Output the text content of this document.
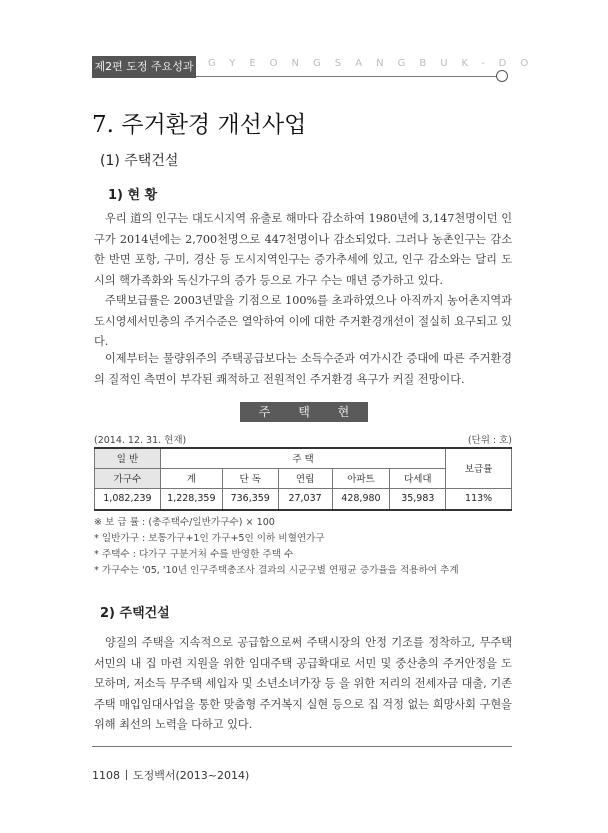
제2편 도정 주요성과 GYEONGSANGBUK-DO
7. 주거환경 개선사업
(1) 주택건설
1) 현 황

우리 道의 인구는 대도시지역 유출로 해마다 감소하여 1980년에 3,147천명이던 인구가 2014년에는 2,700천명으로 447천명이나 감소되었다. 그러나 농촌인구는 감소한 반면 포항, 구미, 경산 등 도시지역인구는 증가추세에 있고, 인구 감소와는 달리 도시의 핵가족화와 독신가구의 증가 등으로 가구 수는 매년 증가하고 있다.

주택보급률은 2003년말을 기점으로 100%를 초과하였으나 아직까지 농어촌지역과 도시영세서민층의 주거수준은 열악하여 이에 대한 주거환경개선이 절실히 요구되고 있다.

이제부터는 물량위주의 주택공급보다는 소득수준과 여가시간 증대에 따른 주거환경의 질적인 측면이 부각된 쾌적하고 전원적인 주거환경 욕구가 커질 전망이다.

주 택 현 황
(2014. 12. 31. 현재)	(단위 : 호)
일 반	주 택					보급률
가구수	계	단 독	연립	아파트	다세대	
1,082,239	1,228,359	736,359	27,037	428,980	35,983	113%
※ 보 급 률 : (총주택수/일반가구수) × 100
* 일반가구 : 보통가구+1인 가구+5인 이하 비혈연가구
* 주택수 : 다가구 구분거처 수를 반영한 주택 수
* 가구수는 '05, '10년 인구주택총조사 결과의 시군구별 연평균 증가율을 적용하여 추계
2) 주택건설

양질의 주택을 지속적으로 공급함으로써 주택시장의 안정 기조를 정착하고, 무주택 서민의 내 집 마련 지원을 위한 임대주택 공급확대로 서민 및 중산층의 주거안정을 도모하며, 저소득 무주택 세입자 및 소년소녀가장 등 을 위한 저리의 전세자금 대출, 기존주택 매입임대사업을 통한 맞춤형 주거복지 실현 등으로 집 걱정 없는 희망사회 구현을 위해 최선의 노력을 다하고 있다.

1108 도정백서(2013~2014)
